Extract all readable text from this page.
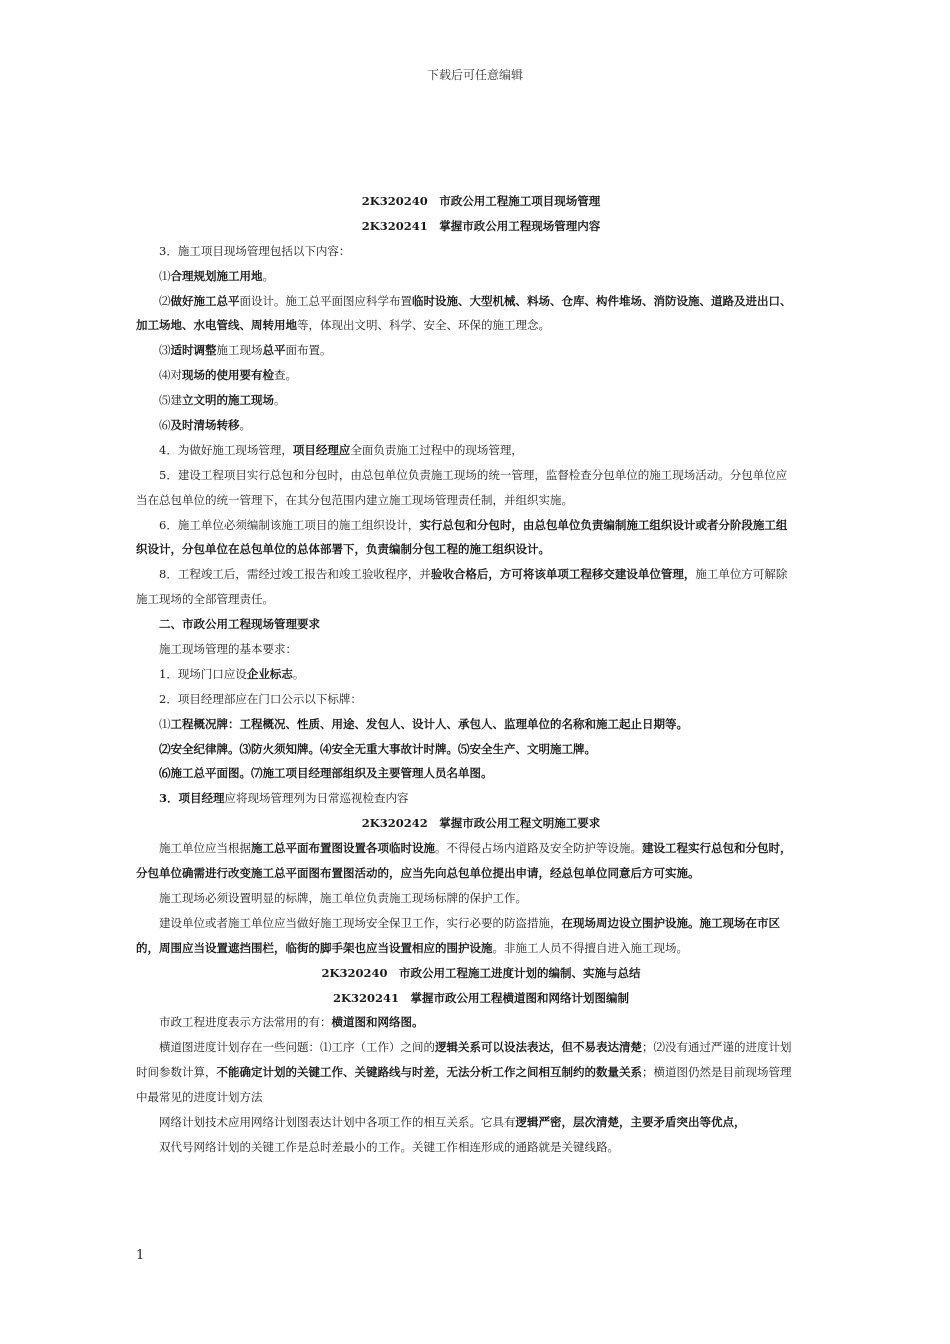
下载后可任意编辑
2K320240　市政公用工程施工项目现场管理
2K320241　掌握市政公用工程现场管理内容
3．施工项目现场管理包括以下内容：
⑴合理规划施工用地。
⑵做好施工总平面设计。施工总平面图应科学布置临时设施、大型机械、料场、仓库、构件堆场、消防设施、道路及进出口、
加工场地、水电管线、周转用地等，体现出文明、科学、安全、环保的施工理念。
⑶适时调整施工现场总平面布置。
⑷对现场的使用要有检查。
⑸建立文明的施工现场。
⑹及时清场转移。
4．为做好施工现场管理，项目经理应全面负责施工过程中的现场管理，
5．建设工程项目实行总包和分包时，由总包单位负责施工现场的统一管理，监督检查分包单位的施工现场活动。分包单位应
当在总包单位的统一管理下，在其分包范围内建立施工现场管理责任制，并组织实施。
6．施工单位必须编制该施工项目的施工组织设计，实行总包和分包时，由总包单位负责编制施工组织设计或者分阶段施工组
织设计，分包单位在总包单位的总体部署下，负责编制分包工程的施工组织设计。
8．工程竣工后，需经过竣工报告和竣工验收程序，并验收合格后，方可将该单项工程移交建设单位管理，施工单位方可解除
施工现场的全部管理责任。
二、市政公用工程现场管理要求
施工现场管理的基本要求：
1．现场门口应设企业标志。
2．项目经理部应在门口公示以下标牌：
⑴工程概况牌：工程概况、性质、用途、发包人、设计人、承包人、监理单位的名称和施工起止日期等。
⑵安全纪律牌。⑶防火须知牌。⑷安全无重大事故计时牌。⑸安全生产、文明施工牌。
⑹施工总平面图。⑺施工项目经理部组织及主要管理人员名单图。
3．项目经理应将现场管理列为日常巡视检查内容
2K320242　掌握市政公用工程文明施工要求
施工单位应当根据施工总平面布置图设置各项临时设施。不得侵占场内道路及安全防护等设施。建设工程实行总包和分包时，
分包单位确需进行改变施工总平面图布置图活动的，应当先向总包单位提出申请，经总包单位同意后方可实施。
施工现场必须设置明显的标牌，施工单位负责施工现场标牌的保护工作。
建设单位或者施工单位应当做好施工现场安全保卫工作，实行必要的防盗措施，在现场周边设立围护设施。施工现场在市区
的，周围应当设置遮挡围栏，临街的脚手架也应当设置相应的围护设施。非施工人员不得擅自进入施工现场。
2K320240　市政公用工程施工进度计划的编制、实施与总结
2K320241　掌握市政公用工程横道图和网络计划图编制
市政工程进度表示方法常用的有：横道图和网络图。
横道图进度计划存在一些问题：⑴工序（工作）之间的逻辑关系可以设法表达，但不易表达清楚；⑵没有通过严谨的进度计划
时间参数计算，不能确定计划的关键工作、关键路线与时差，无法分析工作之间相互制约的数量关系；横道图仍然是目前现场管理
中最常见的进度计划方法
网络计划技术应用网络计划图表达计划中各项工作的相互关系。它具有逻辑严密，层次清楚，主要矛盾突出等优点，
双代号网络计划的关键工作是总时差最小的工作。关键工作相连形成的通路就是关键线路。
1
